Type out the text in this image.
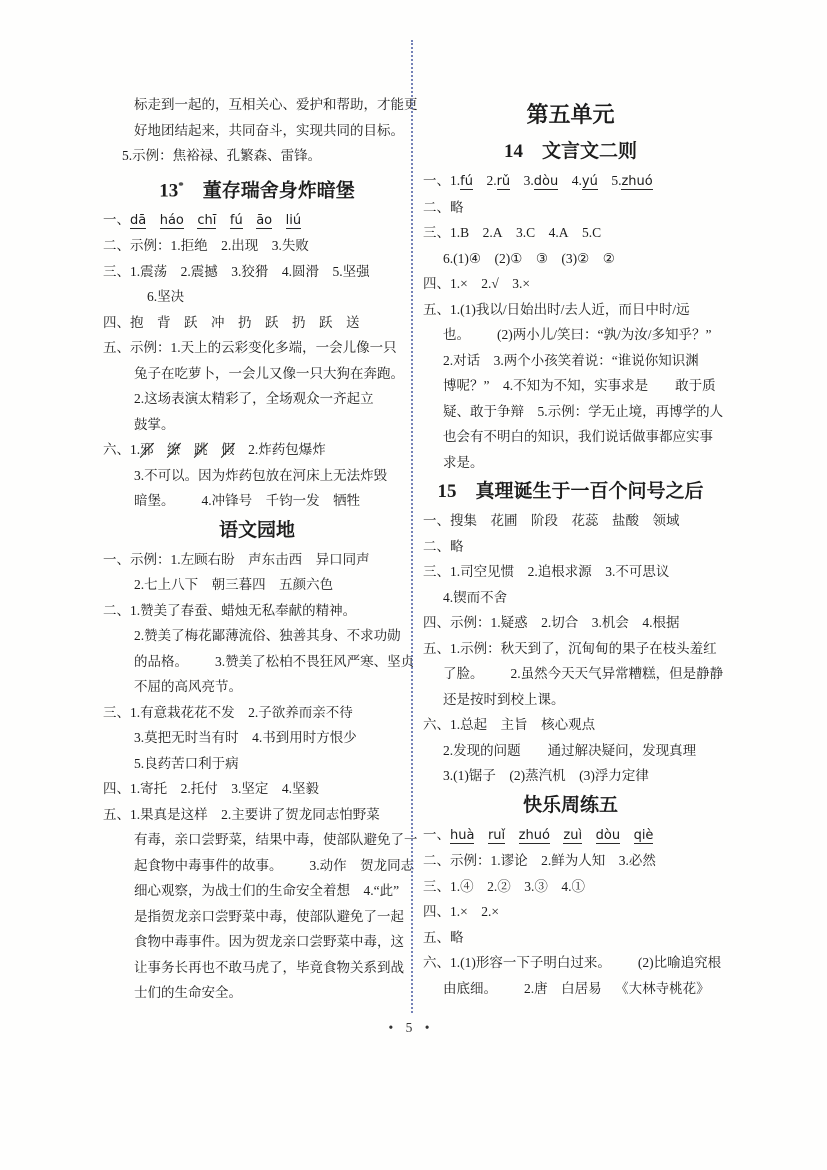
标走到一起的，互相关心、爱护和帮助，才能更
好地团结起来，共同奋斗，实现共同的目标。
5.示例：焦裕禄、孔繁森、雷锋。
13* 董存瑞舍身炸暗堡
一、dā  háo  chī  fú  āo  liú
二、示例：1.拒绝 2.出现 3.失败
三、1.震荡 2.震撼 3.狡猾 4.圆滑 5.坚强
6.坚决
四、抱 背 跃 冲 扔 跃 扔 跃 送
五、示例：1.天上的云彩变化多端，一会儿像一只
兔子在吃萝卜，一会儿又像一只大狗在奔跑。
2.这场表演太精彩了，全场观众一齐起立
鼓掌。
六、1.邪  缭  跳  假 2.炸药包爆炸
3.不可以。因为炸药包放在河床上无法炸毁
暗堡。  4.冲锋号 千钧一发 牺牲
语文园地
一、示例：1.左顾右盼 声东击西 异口同声
2.七上八下 朝三暮四 五颜六色
二、1.赞美了春蚕、蜡烛无私奉献的精神。
2.赞美了梅花鄙薄流俗、独善其身、不求功勋
的品格。  3.赞美了松柏不畏狂风严寒、坚贞
不屈的高风亮节。
三、1.有意栽花花不发 2.子欲养而亲不待
3.莫把无时当有时 4.书到用时方恨少
5.良药苦口利于病
四、1.寄托 2.托付 3.坚定 4.坚毅
五、1.果真是这样 2.主要讲了贺龙同志怕野菜
有毒，亲口尝野菜，结果中毒，使部队避免了一
起食物中毒事件的故事。  3.动作 贺龙同志
细心观察，为战士们的生命安全着想 4.“此”
是指贺龙亲口尝野菜中毒，使部队避免了一起
食物中毒事件。因为贺龙亲口尝野菜中毒，这
让事务长再也不敢马虎了，毕竟食物关系到战
士们的生命安全。
第五单元
14 文言文二则
一、1.fú 2.rǔ 3.dòu 4.yú 5.zhuó
二、略
三、1.B 2.A 3.C 4.A 5.C
6.(1)④ (2)① ③ (3)② ②
四、1.× 2.√ 3.×
五、1.(1)我以/日始出时/去人近，而日中时/远
也。  (2)两小儿/笑曰：“孰/为汝/多知乎？”
2.对话 3.两个小孩笑着说：“谁说你知识渊
博呢？” 4.不知为不知，实事求是  敢于质
疑、敢于争辩 5.示例：学无止境，再博学的人
也会有不明白的知识，我们说话做事都应实事
求是。
15 真理诞生于一百个问号之后
一、搜集 花圃 阶段 花蕊 盐酸 领域
二、略
三、1.司空见惯 2.追根求源 3.不可思议
4.锲而不舍
四、示例：1.疑惑 2.切合 3.机会 4.根据
五、1.示例：秋天到了，沉甸甸的果子在枝头羞红
了脸。  2.虽然今天天气异常糟糕，但是静静
还是按时到校上课。
六、1.总起 主旨 核心观点
2.发现的问题  通过解决疑问，发现真理
3.(1)锯子 (2)蒸汽机 (3)浮力定律
快乐周练五
一、huà  ruǐ  zhuó  zuì  dòu  qiè
二、示例：1.谬论 2.鲜为人知 3.必然
三、1.④ 2.② 3.③ 4.①
四、1.× 2.×
五、略
六、1.(1)形容一下子明白过来。  (2)比喻追究根
由底细。  2.唐 白居易 《大林寺桃花》
• 5 •
